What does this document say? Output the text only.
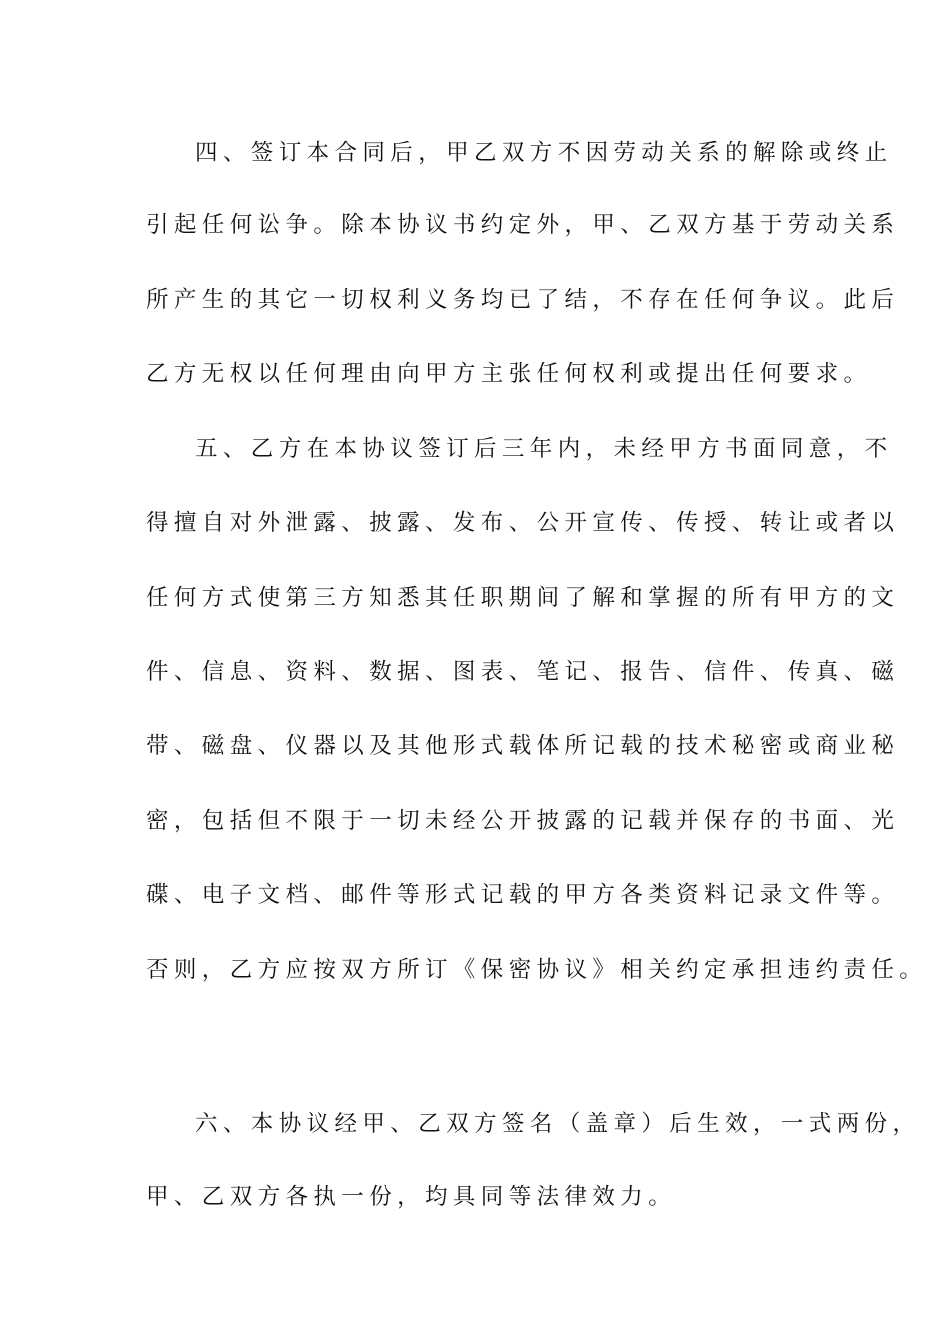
四、签订本合同后，甲乙双方不因劳动关系的解除或终止
引起任何讼争。除本协议书约定外，甲、乙双方基于劳动关系
所产生的其它一切权利义务均已了结，不存在任何争议。此后
乙方无权以任何理由向甲方主张任何权利或提出任何要求。
五、乙方在本协议签订后三年内，未经甲方书面同意，不
得擅自对外泄露、披露、发布、公开宣传、传授、转让或者以
任何方式使第三方知悉其任职期间了解和掌握的所有甲方的文
件、信息、资料、数据、图表、笔记、报告、信件、传真、磁
带、磁盘、仪器以及其他形式载体所记载的技术秘密或商业秘
密，包括但不限于一切未经公开披露的记载并保存的书面、光
碟、电子文档、邮件等形式记载的甲方各类资料记录文件等。
否则，乙方应按双方所订《保密协议》相关约定承担违约责任。
六、本协议经甲、乙双方签名（盖章）后生效，一式两份，
甲、乙双方各执一份，均具同等法律效力。
